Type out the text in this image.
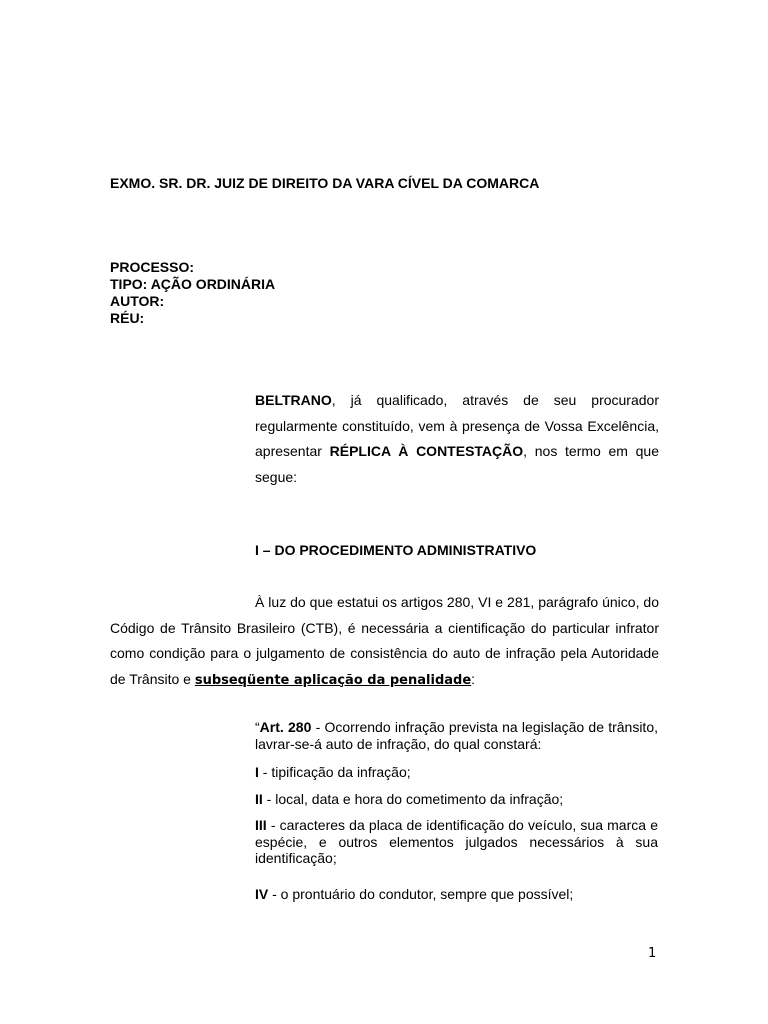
EXMO. SR. DR. JUIZ DE DIREITO DA VARA CÍVEL DA COMARCA
PROCESSO:
TIPO: AÇÃO ORDINÁRIA
AUTOR:
RÉU:

BELTRANO, já qualificado, através de seu procurador regularmente constituído, vem à presença de Vossa Excelência, apresentar RÉPLICA À CONTESTAÇÃO, nos termo em que segue:

I – DO PROCEDIMENTO ADMINISTRATIVO

À luz do que estatui os artigos 280, VI e 281, parágrafo único, do Código de Trânsito Brasileiro (CTB), é necessária a cientificação do particular infrator como condição para o julgamento de consistência do auto de infração pela Autoridade de Trânsito e subseqüente aplicação da penalidade:

“Art. 280 - Ocorrendo infração prevista na legislação de trânsito, lavrar-se-á auto de infração, do qual constará:

I - tipificação da infração;

II - local, data e hora do cometimento da infração;

III - caracteres da placa de identificação do veículo, sua marca e espécie, e outros elementos julgados necessários à sua identificação;

IV - o prontuário do condutor, sempre que possível;

1
